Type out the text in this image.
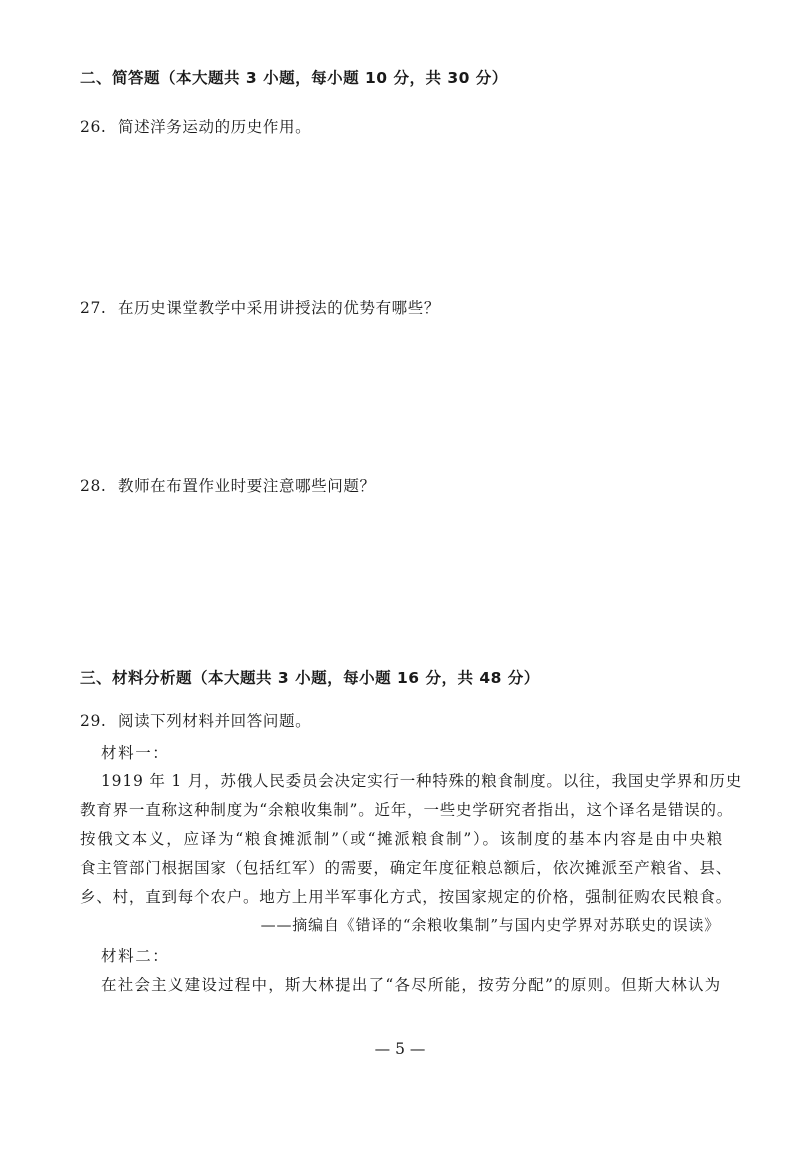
二、简答题（本大题共 3 小题，每小题 10 分，共 30 分）
26. 简述洋务运动的历史作用。
27. 在历史课堂教学中采用讲授法的优势有哪些？
28. 教师在布置作业时要注意哪些问题？
三、材料分析题（本大题共 3 小题，每小题 16 分，共 48 分）
29. 阅读下列材料并回答问题。
材料一：
1919 年 1 月，苏俄人民委员会决定实行一种特殊的粮食制度。以往，我国史学界和历史
教育界一直称这种制度为“余粮收集制”。近年，一些史学研究者指出，这个译名是错误的。
按俄文本义，应译为“粮食摊派制”（或“摊派粮食制”）。该制度的基本内容是由中央粮
食主管部门根据国家（包括红军）的需要，确定年度征粮总额后，依次摊派至产粮省、县、
乡、村，直到每个农户。地方上用半军事化方式，按国家规定的价格，强制征购农民粮食。
——摘编自《错译的“余粮收集制”与国内史学界对苏联史的误读》
材料二：
在社会主义建设过程中，斯大林提出了“各尽所能，按劳分配”的原则。但斯大林认为
— 5 —
